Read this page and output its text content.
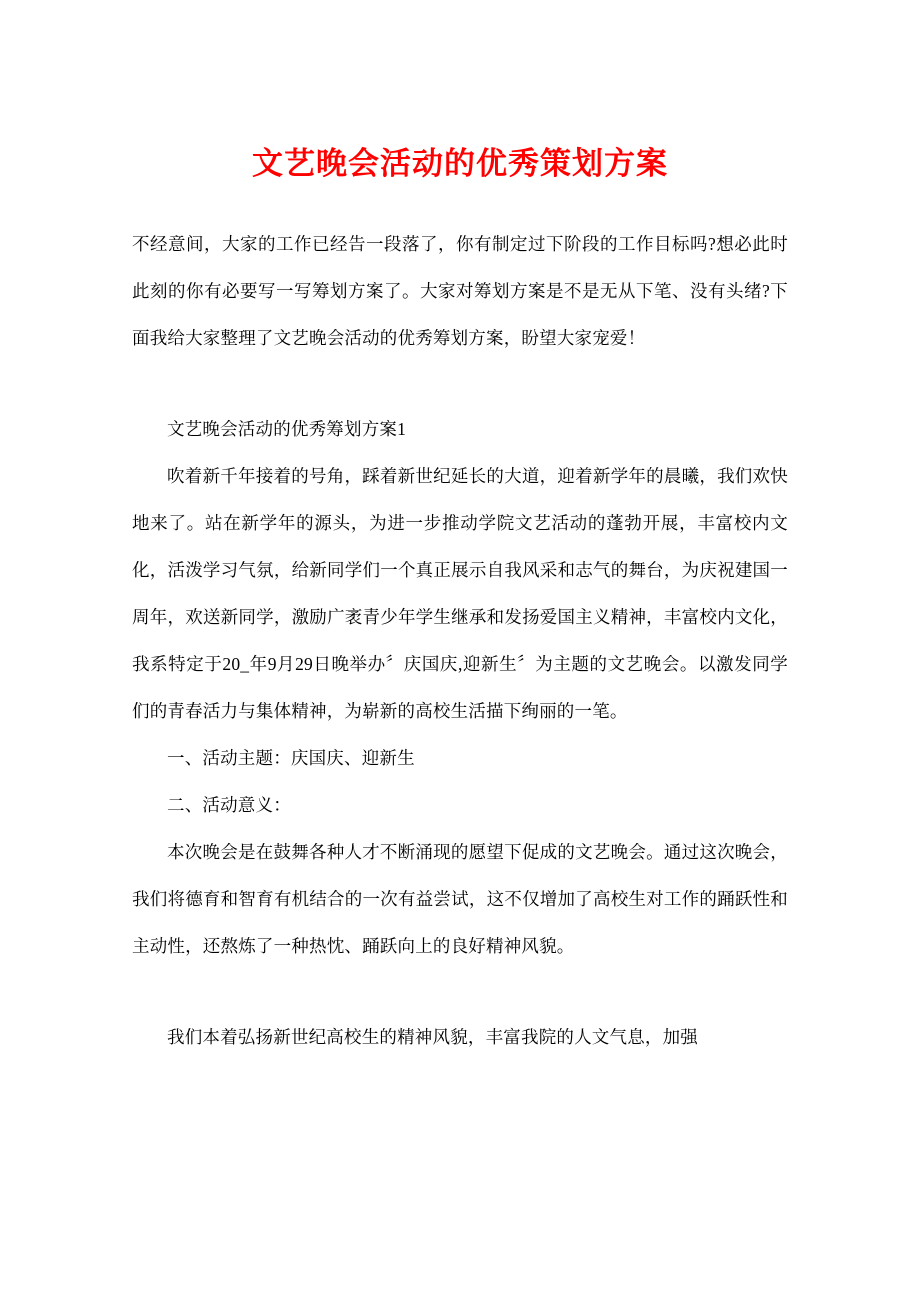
文艺晚会活动的优秀策划方案

不经意间，大家的工作已经告一段落了，你有制定过下阶段的工作目标吗?想必此时此刻的你有必要写一写筹划方案了。大家对筹划方案是不是无从下笔、没有头绪?下面我给大家整理了文艺晚会活动的优秀筹划方案，盼望大家宠爱！

文艺晚会活动的优秀筹划方案1

吹着新千年接着的号角，踩着新世纪延长的大道，迎着新学年的晨曦，我们欢快地来了。站在新学年的源头，为进一步推动学院文艺活动的蓬勃开展，丰富校内文化，活泼学习气氛，给新同学们一个真正展示自我风采和志气的舞台，为庆祝建国一周年，欢送新同学，激励广袤青少年学生继承和发扬爱国主义精神，丰富校内文化，我系特定于20_年9月29日晚举办〞庆国庆,迎新生〞为主题的文艺晚会。以激发同学们的青春活力与集体精神，为崭新的高校生活描下绚丽的一笔。

一、活动主题：庆国庆、迎新生

二、活动意义：

本次晚会是在鼓舞各种人才不断涌现的愿望下促成的文艺晚会。通过这次晚会，我们将德育和智育有机结合的一次有益尝试，这不仅增加了高校生对工作的踊跃性和主动性，还熬炼了一种热忱、踊跃向上的良好精神风貌。

我们本着弘扬新世纪高校生的精神风貌，丰富我院的人文气息，加强
